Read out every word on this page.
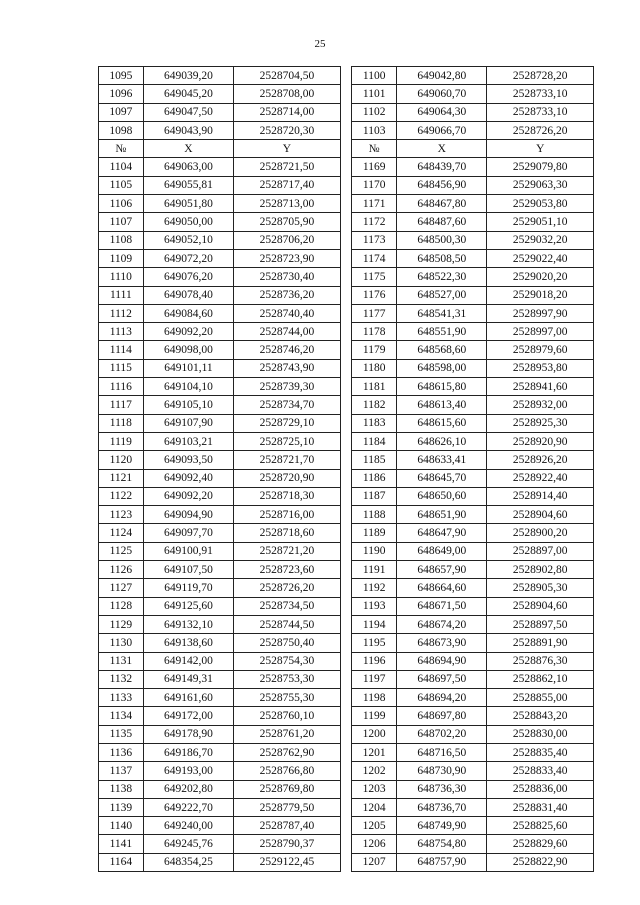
25
1095	649039,20	2528704,50		1100	649042,80	2528728,20
1096	649045,20	2528708,00		1101	649060,70	2528733,10
1097	649047,50	2528714,00		1102	649064,30	2528733,10
1098	649043,90	2528720,30		1103	649066,70	2528726,20
№	X	Y		№	X	Y
1104	649063,00	2528721,50		1169	648439,70	2529079,80
1105	649055,81	2528717,40		1170	648456,90	2529063,30
1106	649051,80	2528713,00		1171	648467,80	2529053,80
1107	649050,00	2528705,90		1172	648487,60	2529051,10
1108	649052,10	2528706,20		1173	648500,30	2529032,20
1109	649072,20	2528723,90		1174	648508,50	2529022,40
1110	649076,20	2528730,40		1175	648522,30	2529020,20
1111	649078,40	2528736,20		1176	648527,00	2529018,20
1112	649084,60	2528740,40		1177	648541,31	2528997,90
1113	649092,20	2528744,00		1178	648551,90	2528997,00
1114	649098,00	2528746,20		1179	648568,60	2528979,60
1115	649101,11	2528743,90		1180	648598,00	2528953,80
1116	649104,10	2528739,30		1181	648615,80	2528941,60
1117	649105,10	2528734,70		1182	648613,40	2528932,00
1118	649107,90	2528729,10		1183	648615,60	2528925,30
1119	649103,21	2528725,10		1184	648626,10	2528920,90
1120	649093,50	2528721,70		1185	648633,41	2528926,20
1121	649092,40	2528720,90		1186	648645,70	2528922,40
1122	649092,20	2528718,30		1187	648650,60	2528914,40
1123	649094,90	2528716,00		1188	648651,90	2528904,60
1124	649097,70	2528718,60		1189	648647,90	2528900,20
1125	649100,91	2528721,20		1190	648649,00	2528897,00
1126	649107,50	2528723,60		1191	648657,90	2528902,80
1127	649119,70	2528726,20		1192	648664,60	2528905,30
1128	649125,60	2528734,50		1193	648671,50	2528904,60
1129	649132,10	2528744,50		1194	648674,20	2528897,50
1130	649138,60	2528750,40		1195	648673,90	2528891,90
1131	649142,00	2528754,30		1196	648694,90	2528876,30
1132	649149,31	2528753,30		1197	648697,50	2528862,10
1133	649161,60	2528755,30		1198	648694,20	2528855,00
1134	649172,00	2528760,10		1199	648697,80	2528843,20
1135	649178,90	2528761,20		1200	648702,20	2528830,00
1136	649186,70	2528762,90		1201	648716,50	2528835,40
1137	649193,00	2528766,80		1202	648730,90	2528833,40
1138	649202,80	2528769,80		1203	648736,30	2528836,00
1139	649222,70	2528779,50		1204	648736,70	2528831,40
1140	649240,00	2528787,40		1205	648749,90	2528825,60
1141	649245,76	2528790,37		1206	648754,80	2528829,60
1164	648354,25	2529122,45		1207	648757,90	2528822,90
